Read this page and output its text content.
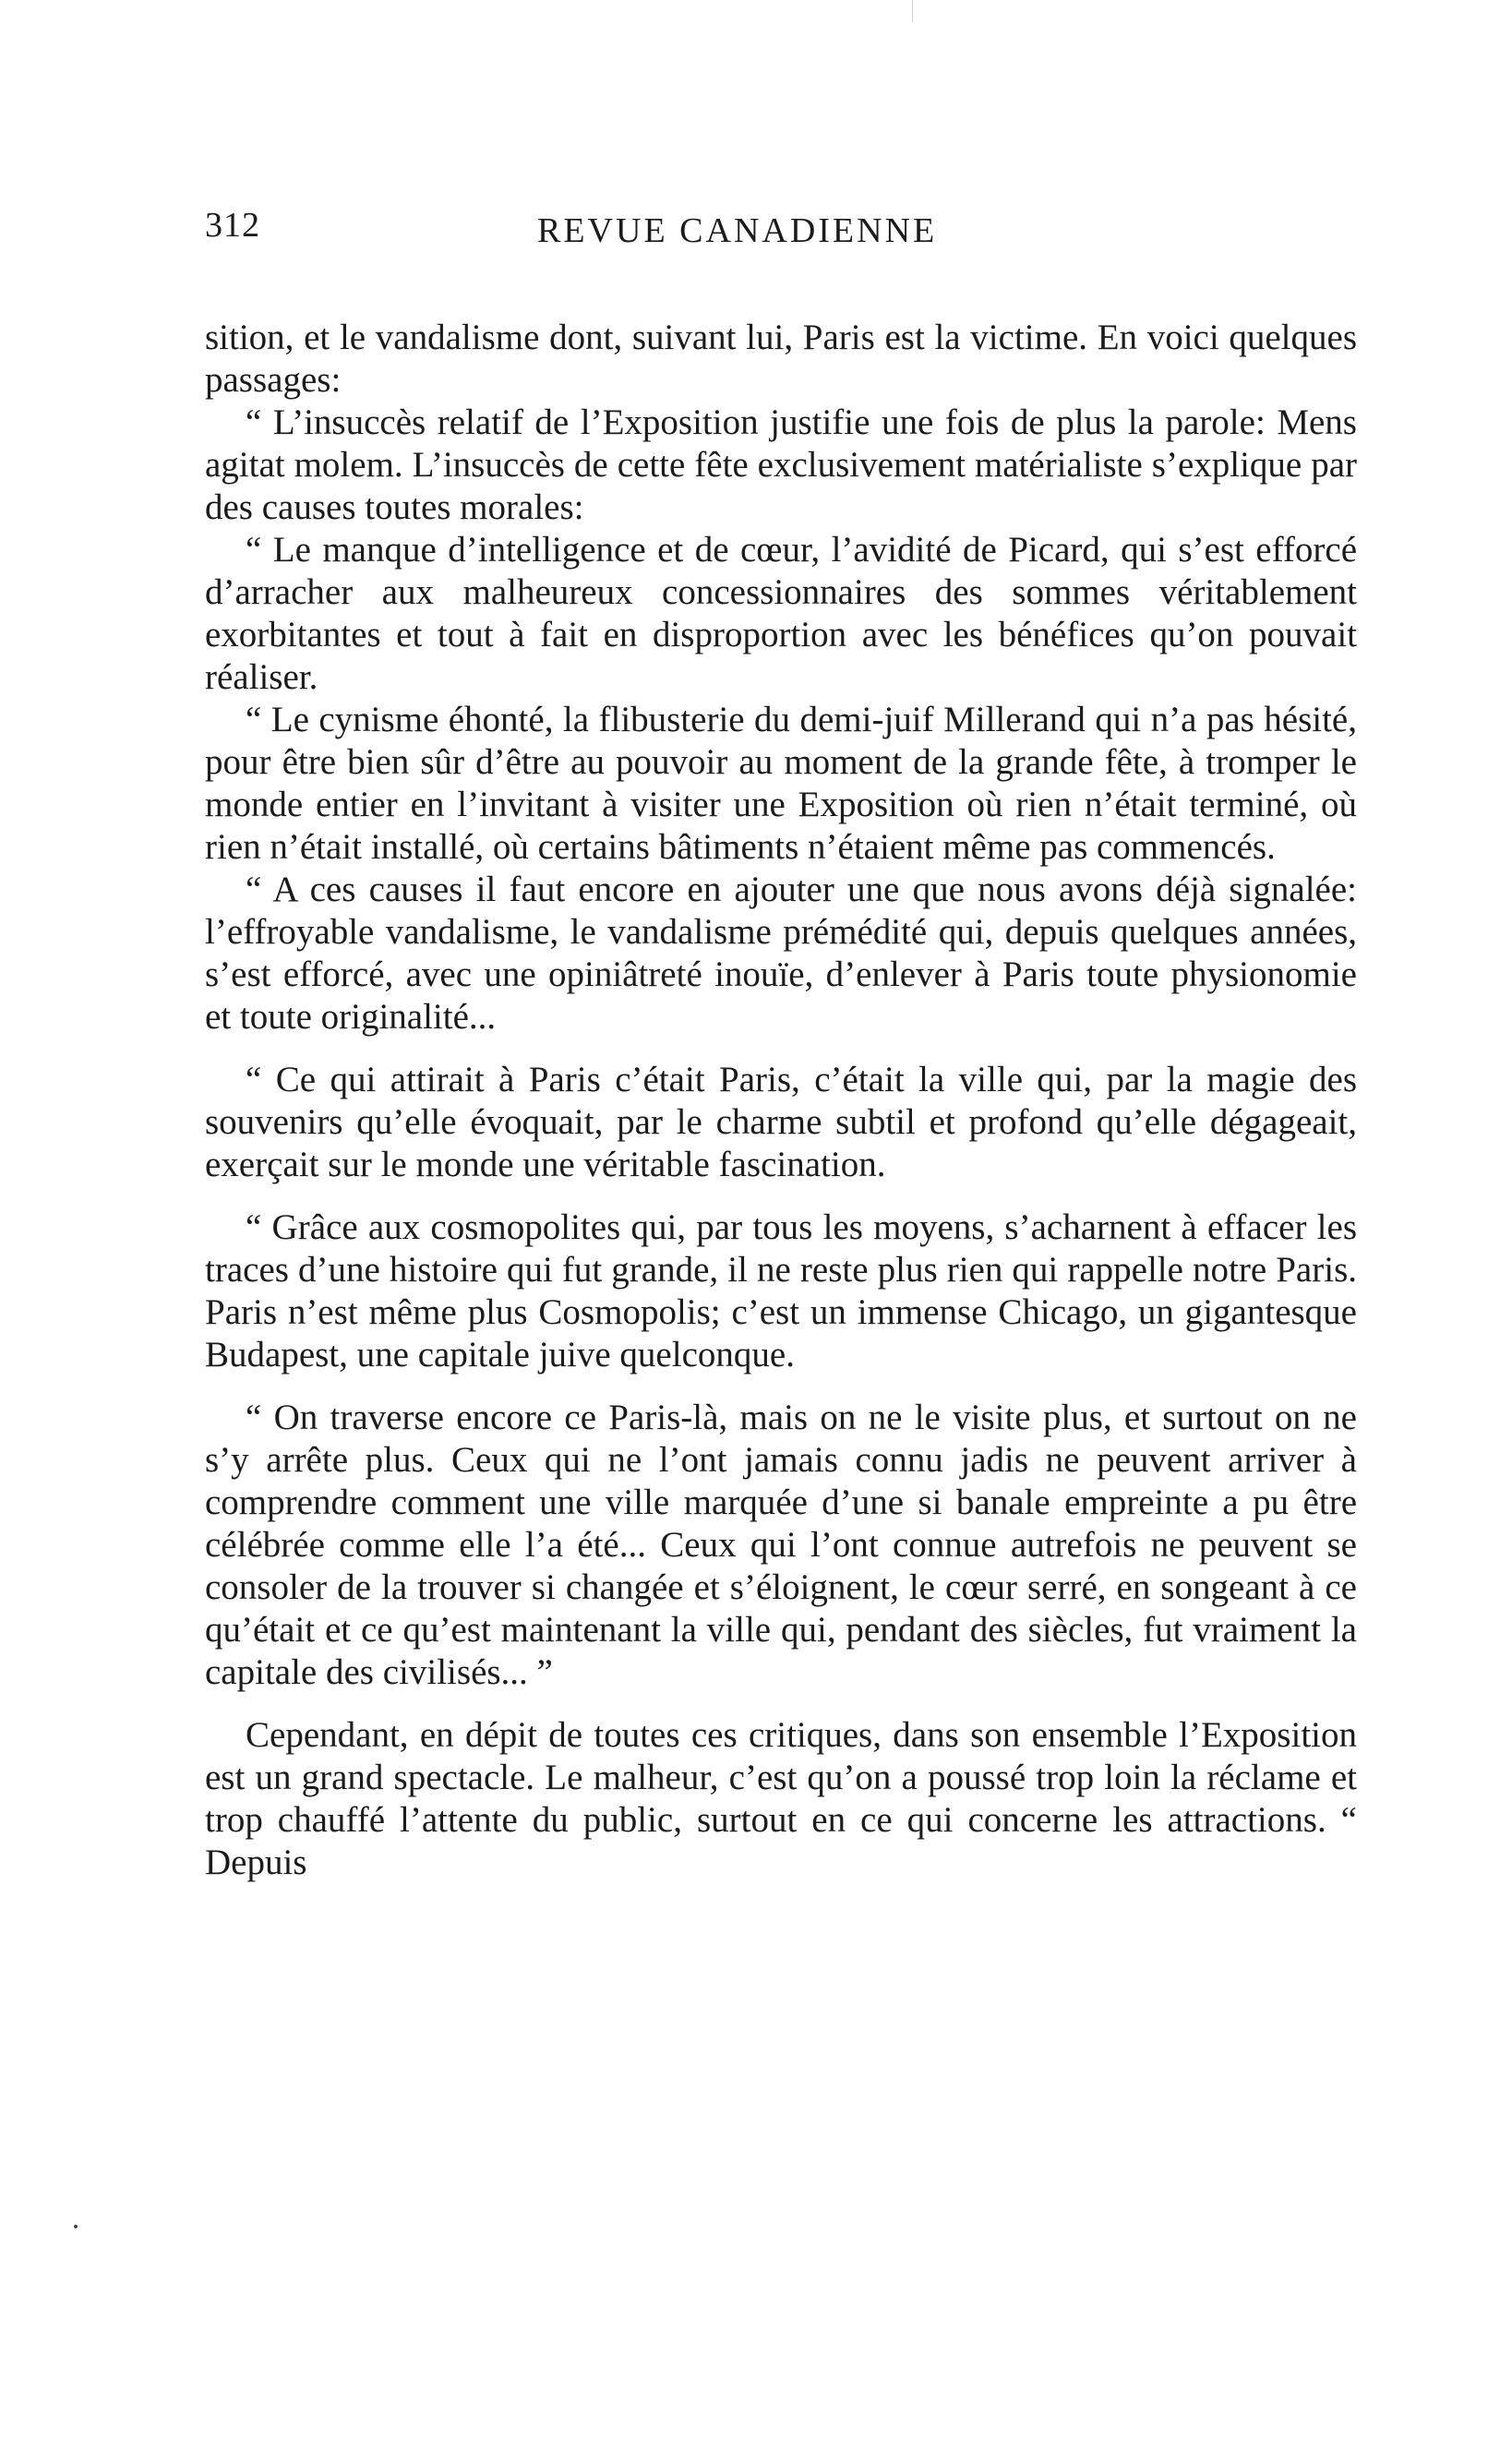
312	REVUE CANADIENNE

sition, et le vandalisme dont, suivant lui, Paris est la victime. En voici quelques passages:

“ L’insuccès relatif de l’Exposition justifie une fois de plus la parole: Mens agitat molem. L’insuccès de cette fête exclusivement matérialiste s’explique par des causes toutes morales:

“ Le manque d’intelligence et de cœur, l’avidité de Picard, qui s’est efforcé d’arracher aux malheureux concessionnaires des sommes véritablement exorbitantes et tout à fait en disproportion avec les bénéfices qu’on pouvait réaliser.

“ Le cynisme éhonté, la flibusterie du demi-juif Millerand qui n’a pas hésité, pour être bien sûr d’être au pouvoir au moment de la grande fête, à tromper le monde entier en l’invitant à visiter une Exposition où rien n’était terminé, où rien n’était installé, où certains bâtiments n’étaient même pas commencés.

“ A ces causes il faut encore en ajouter une que nous avons déjà signalée: l’effroyable vandalisme, le vandalisme prémédité qui, depuis quelques années, s’est efforcé, avec une opiniâtreté inouïe, d’enlever à Paris toute physionomie et toute originalité...

“ Ce qui attirait à Paris c’était Paris, c’était la ville qui, par la magie des souvenirs qu’elle évoquait, par le charme subtil et profond qu’elle dégageait, exerçait sur le monde une véritable fascination.

“ Grâce aux cosmopolites qui, par tous les moyens, s’acharnent à effacer les traces d’une histoire qui fut grande, il ne reste plus rien qui rappelle notre Paris. Paris n’est même plus Cosmopolis; c’est un immense Chicago, un gigantesque Budapest, une capitale juive quelconque.

“ On traverse encore ce Paris-là, mais on ne le visite plus, et surtout on ne s’y arrête plus. Ceux qui ne l’ont jamais connu jadis ne peuvent arriver à comprendre comment une ville marquée d’une si banale empreinte a pu être célébrée comme elle l’a été... Ceux qui l’ont connue autrefois ne peuvent se consoler de la trouver si changée et s’éloignent, le cœur serré, en songeant à ce qu’était et ce qu’est maintenant la ville qui, pendant des siècles, fut vraiment la capitale des civilisés... ”

Cependant, en dépit de toutes ces critiques, dans son ensemble l’Exposition est un grand spectacle. Le malheur, c’est qu’on a poussé trop loin la réclame et trop chauffé l’attente du public, surtout en ce qui concerne les attractions. “ Depuis
